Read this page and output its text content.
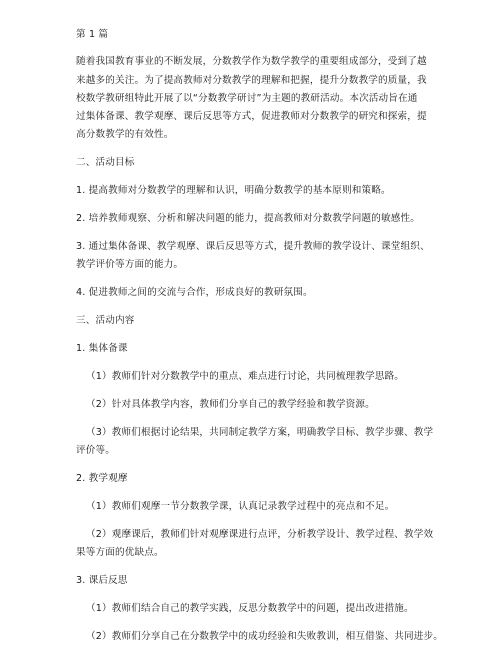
第 1 篇
随着我国教育事业的不断发展，分数教学作为数学教学的重要组成部分，受到了越
来越多的关注。为了提高教师对分数教学的理解和把握，提升分数教学的质量，我
校数学教研组特此开展了以“分数教学研讨”为主题的教研活动。本次活动旨在通
过集体备课、教学观摩、课后反思等方式，促进教师对分数教学的研究和探索，提
高分数教学的有效性。
二、活动目标
1. 提高教师对分数教学的理解和认识，明确分数教学的基本原则和策略。
2. 培养教师观察、分析和解决问题的能力，提高教师对分数教学问题的敏感性。
3. 通过集体备课、教学观摩、课后反思等方式，提升教师的教学设计、课堂组织、
教学评价等方面的能力。
4. 促进教师之间的交流与合作，形成良好的教研氛围。
三、活动内容
1. 集体备课
（1）教师们针对分数教学中的重点、难点进行讨论，共同梳理教学思路。
（2）针对具体教学内容，教师们分享自己的教学经验和教学资源。
（3）教师们根据讨论结果，共同制定教学方案，明确教学目标、教学步骤、教学
评价等。
2. 教学观摩
（1）教师们观摩一节分数教学课，认真记录教学过程中的亮点和不足。
（2）观摩课后，教师们针对观摩课进行点评，分析教学设计、教学过程、教学效
果等方面的优缺点。
3. 课后反思
（1）教师们结合自己的教学实践，反思分数教学中的问题，提出改进措施。
（2）教师们分享自己在分数教学中的成功经验和失败教训，相互借鉴、共同进步。
